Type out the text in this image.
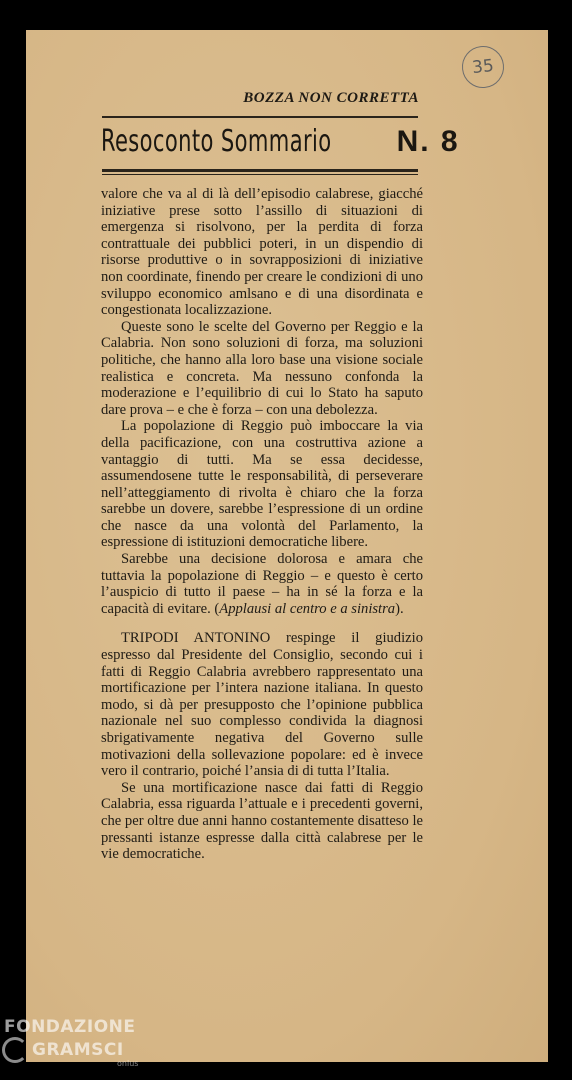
35
BOZZA NON CORRETTA
Resoconto Sommario N. 8

valore che va al di là dell’episodio calabrese, giacché iniziative prese sotto l’assillo di situazioni di emergenza si risolvono, per la perdita di forza contrattuale dei pubblici poteri, in un dispendio di risorse produttive o in sovrapposizioni di iniziative non coordinate, finendo per creare le condizioni di uno sviluppo economico amlsano e di una disordinata e congestionata localizzazione.

Queste sono le scelte del Governo per Reggio e la Calabria. Non sono soluzioni di forza, ma soluzioni politiche, che hanno alla loro base una visione sociale realistica e concreta. Ma nessuno confonda la moderazione e l’equilibrio di cui lo Stato ha saputo dare prova – e che è forza – con una debolezza.

La popolazione di Reggio può imboccare la via della pacificazione, con una costruttiva azione a vantaggio di tutti. Ma se essa decidesse, assumendosene tutte le responsabilità, di perseverare nell’atteggiamento di rivolta è chiaro che la forza sarebbe un dovere, sarebbe l’espressione di un ordine che nasce da una volontà del Parlamento, la espressione di istituzioni democratiche libere.

Sarebbe una decisione dolorosa e amara che tuttavia la popolazione di Reggio – e questo è certo l’auspicio di tutto il paese – ha in sé la forza e la capacità di evitare. (Applausi al centro e a sinistra).

TRIPODI ANTONINO respinge il giudizio espresso dal Presidente del Consiglio, secondo cui i fatti di Reggio Calabria avrebbero rappresentato una mortificazione per l’intera nazione italiana. In questo modo, si dà per presupposto che l’opinione pubblica nazionale nel suo complesso condivida la diagnosi sbrigativamente negativa del Governo sulle motivazioni della sollevazione popolare: ed è invece vero il contrario, poiché l’ansia di di tutta l’Italia.

Se una mortificazione nasce dai fatti di Reggio Calabria, essa riguarda l’attuale e i precedenti governi, che per oltre due anni hanno costantemente disatteso le pressanti istanze espresse dalla città calabrese per le vie democratiche.

FONDAZIONE
GRAMSCI
onlus
